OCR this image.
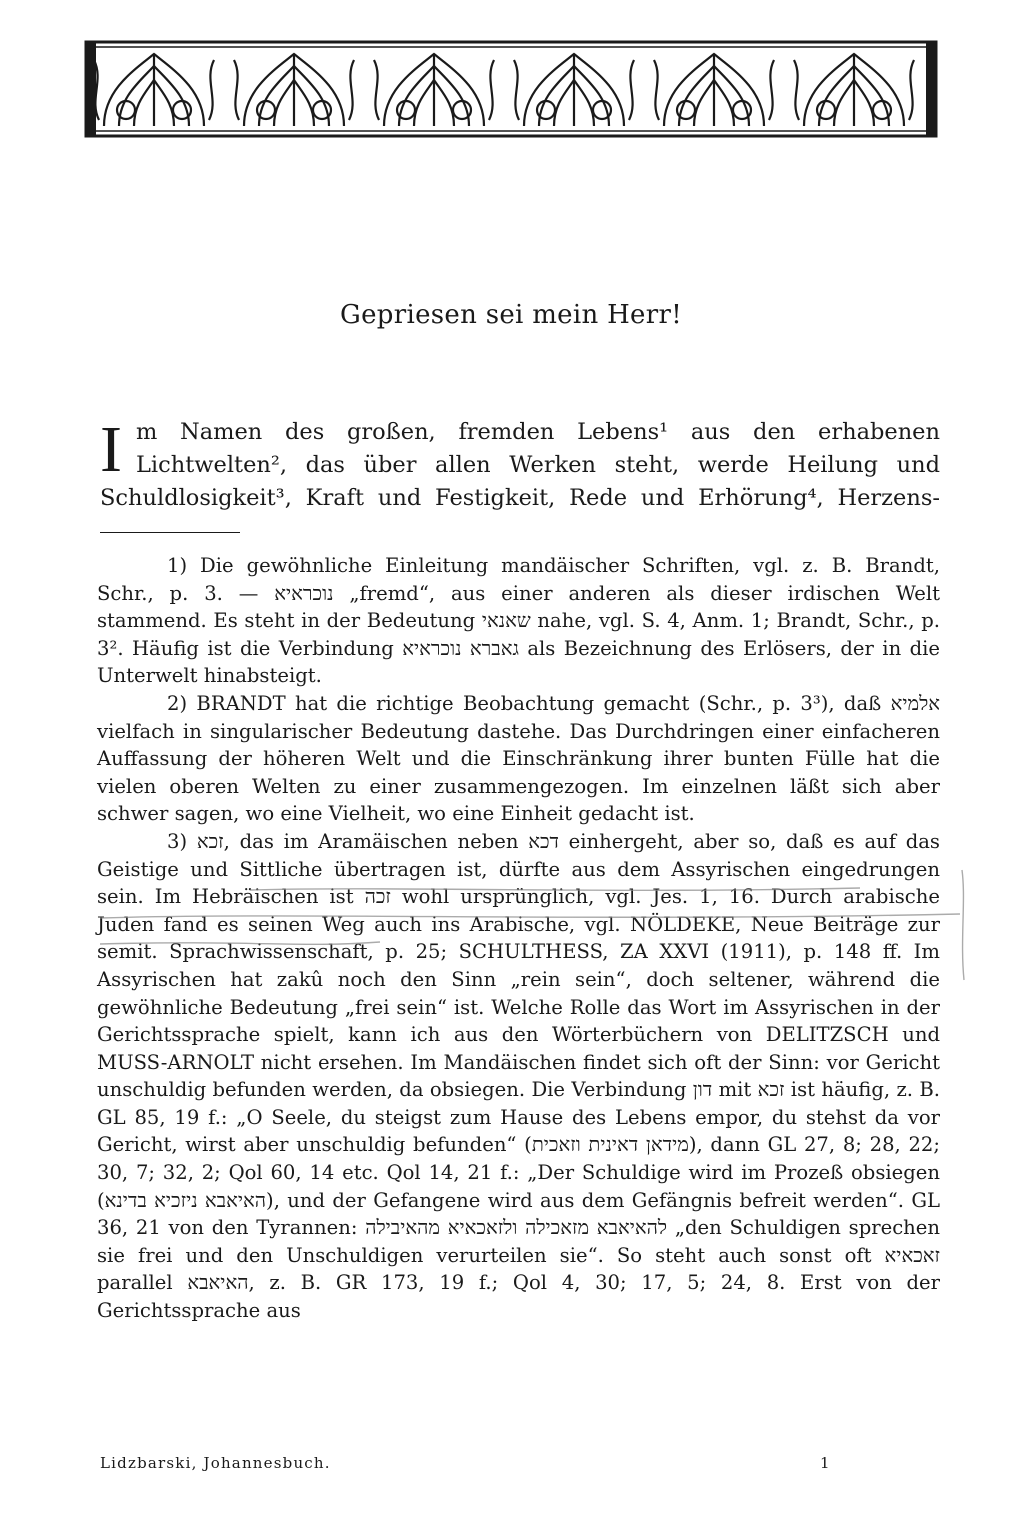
Gepriesen sei mein Herr!
I m Namen des großen, fremden Lebens¹ aus den erhabenen Lichtwelten², das über allen Werken steht, werde Heilung und Schuldlosigkeit³, Kraft und Festigkeit, Rede und Erhörung⁴, Herzens-

1) Die gewöhnliche Einleitung mandäischer Schriften, vgl. z. B. Brandt, Schr., p. 3. — נוכראיא „fremd“, aus einer anderen als dieser irdischen Welt stammend. Es steht in der Bedeutung שאנאי nahe, vgl. S. 4, Anm. 1; Brandt, Schr., p. 3². Häufig ist die Verbindung גאברא נוכראיא als Bezeichnung des Erlösers, der in die Unterwelt hinabsteigt.

2) BRANDT hat die richtige Beobachtung gemacht (Schr., p. 3³), daß אלמיא vielfach in singularischer Bedeutung dastehe. Das Durchdringen einer einfacheren Auffassung der höheren Welt und die Einschränkung ihrer bunten Fülle hat die vielen oberen Welten zu einer zusammengezogen. Im einzelnen läßt sich aber schwer sagen, wo eine Vielheit, wo eine Einheit gedacht ist.

3) זכא, das im Aramäischen neben דכא einhergeht, aber so, daß es auf das Geistige und Sittliche übertragen ist, dürfte aus dem Assyrischen eingedrungen sein. Im Hebräischen ist זכה wohl ursprünglich, vgl. Jes. 1, 16. Durch arabische Juden fand es seinen Weg auch ins Arabische, vgl. NÖLDEKE, Neue Beiträge zur semit. Sprachwissenschaft, p. 25; SCHULTHESS, ZA XXVI (1911), p. 148 ff. Im Assyrischen hat zakû noch den Sinn „rein sein“, doch seltener, während die gewöhnliche Bedeutung „frei sein“ ist. Welche Rolle das Wort im Assyrischen in der Gerichtssprache spielt, kann ich aus den Wörterbüchern von DELITZSCH und MUSS-ARNOLT nicht ersehen. Im Mandäischen findet sich oft der Sinn: vor Gericht unschuldig befunden werden, da obsiegen. Die Verbindung דון mit זכא ist häufig, z. B. GL 85, 19 f.: „O Seele, du steigst zum Hause des Lebens empor, du stehst da vor Gericht, wirst aber unschuldig befunden“ (מידאן דאינית וזאכית), dann GL 27, 8; 28, 22; 30, 7; 32, 2; Qol 60, 14 etc. Qol 14, 21 f.: „Der Schuldige wird im Prozeß obsiegen (האיאבא ניזכיא בדינא), und der Gefangene wird aus dem Gefängnis befreit werden“. GL 36, 21 von den Tyrannen: להאיאבא מזאכילה ולזאכאיא מהאיבילה „den Schuldigen sprechen sie frei und den Unschuldigen verurteilen sie“. So steht auch sonst oft זאכאיא parallel האיאבא, z. B. GR 173, 19 f.; Qol 4, 30; 17, 5; 24, 8. Erst von der Gerichtssprache aus

Lidzbarski, Johannesbuch.	1
